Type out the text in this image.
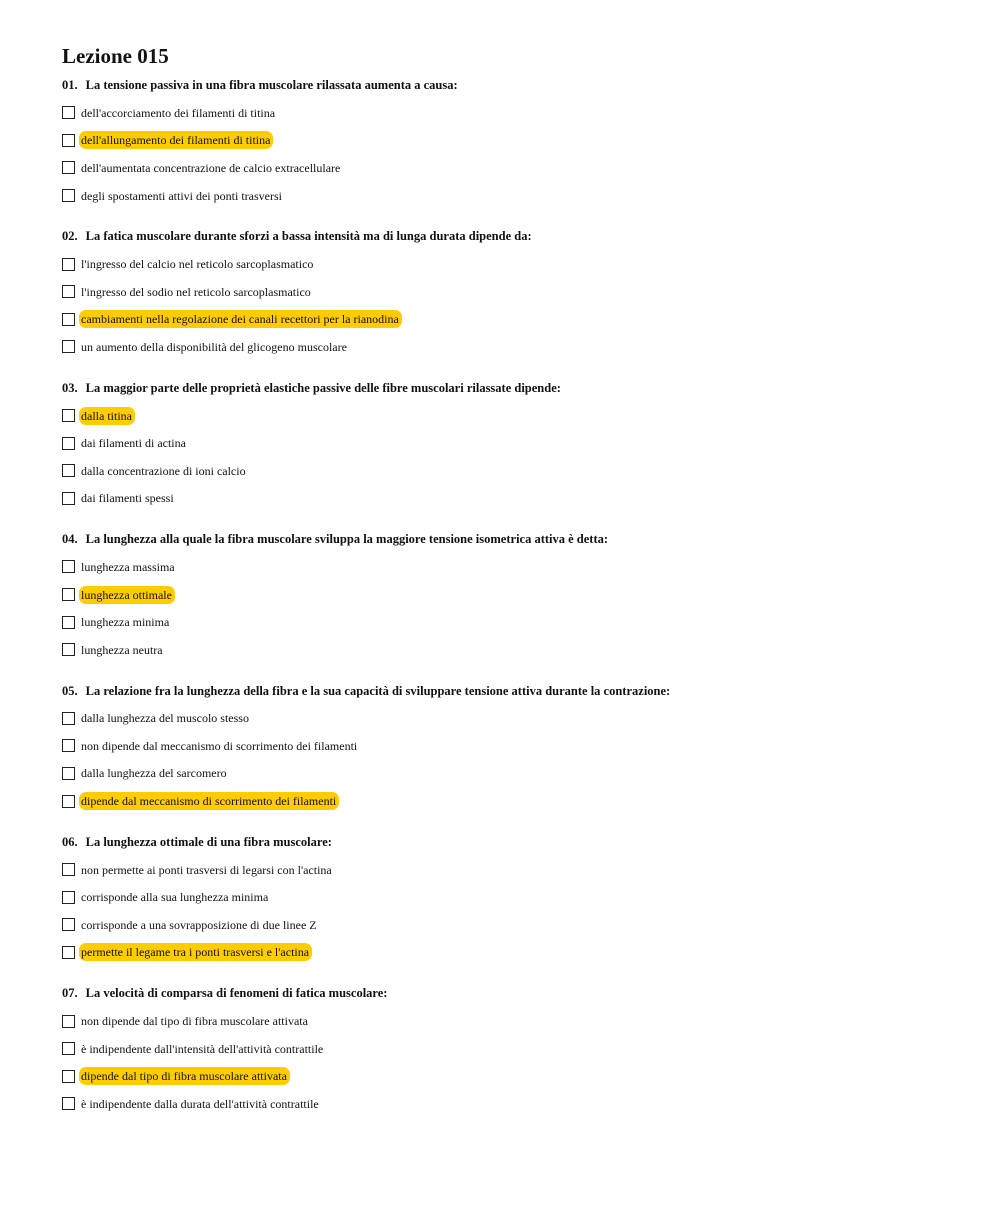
Lezione 015
01. La tensione passiva in una fibra muscolare rilassata aumenta a causa:
dell'accorciamento dei filamenti di titina
dell'allungamento dei filamenti di titina
dell'aumentata concentrazione de calcio extracellulare
degli spostamenti attivi dei ponti trasversi
02. La fatica muscolare durante sforzi a bassa intensità ma di lunga durata dipende da:
l'ingresso del calcio nel reticolo sarcoplasmatico
l'ingresso del sodio nel reticolo sarcoplasmatico
cambiamenti nella regolazione dei canali recettori per la rianodina
un aumento della disponibilità del glicogeno muscolare
03. La maggior parte delle proprietà elastiche passive delle fibre muscolari rilassate dipende:
dalla titina
dai filamenti di actina
dalla concentrazione di ioni calcio
dai filamenti spessi
04. La lunghezza alla quale la fibra muscolare sviluppa la maggiore tensione isometrica attiva è detta:
lunghezza massima
lunghezza ottimale
lunghezza minima
lunghezza neutra
05. La relazione fra la lunghezza della fibra e la sua capacità di sviluppare tensione attiva durante la contrazione:
dalla lunghezza del muscolo stesso
non dipende dal meccanismo di scorrimento dei filamenti
dalla lunghezza del sarcomero
dipende dal meccanismo di scorrimento dei filamenti
06. La lunghezza ottimale di una fibra muscolare:
non permette ai ponti trasversi di legarsi con l'actina
corrisponde alla sua lunghezza minima
corrisponde a una sovrapposizione di due linee Z
permette il legame tra i ponti trasversi e l'actina
07. La velocità di comparsa di fenomeni di fatica muscolare:
non dipende dal tipo di fibra muscolare attivata
è indipendente dall'intensità dell'attività contrattile
dipende dal tipo di fibra muscolare attivata
è indipendente dalla durata dell'attività contrattile
